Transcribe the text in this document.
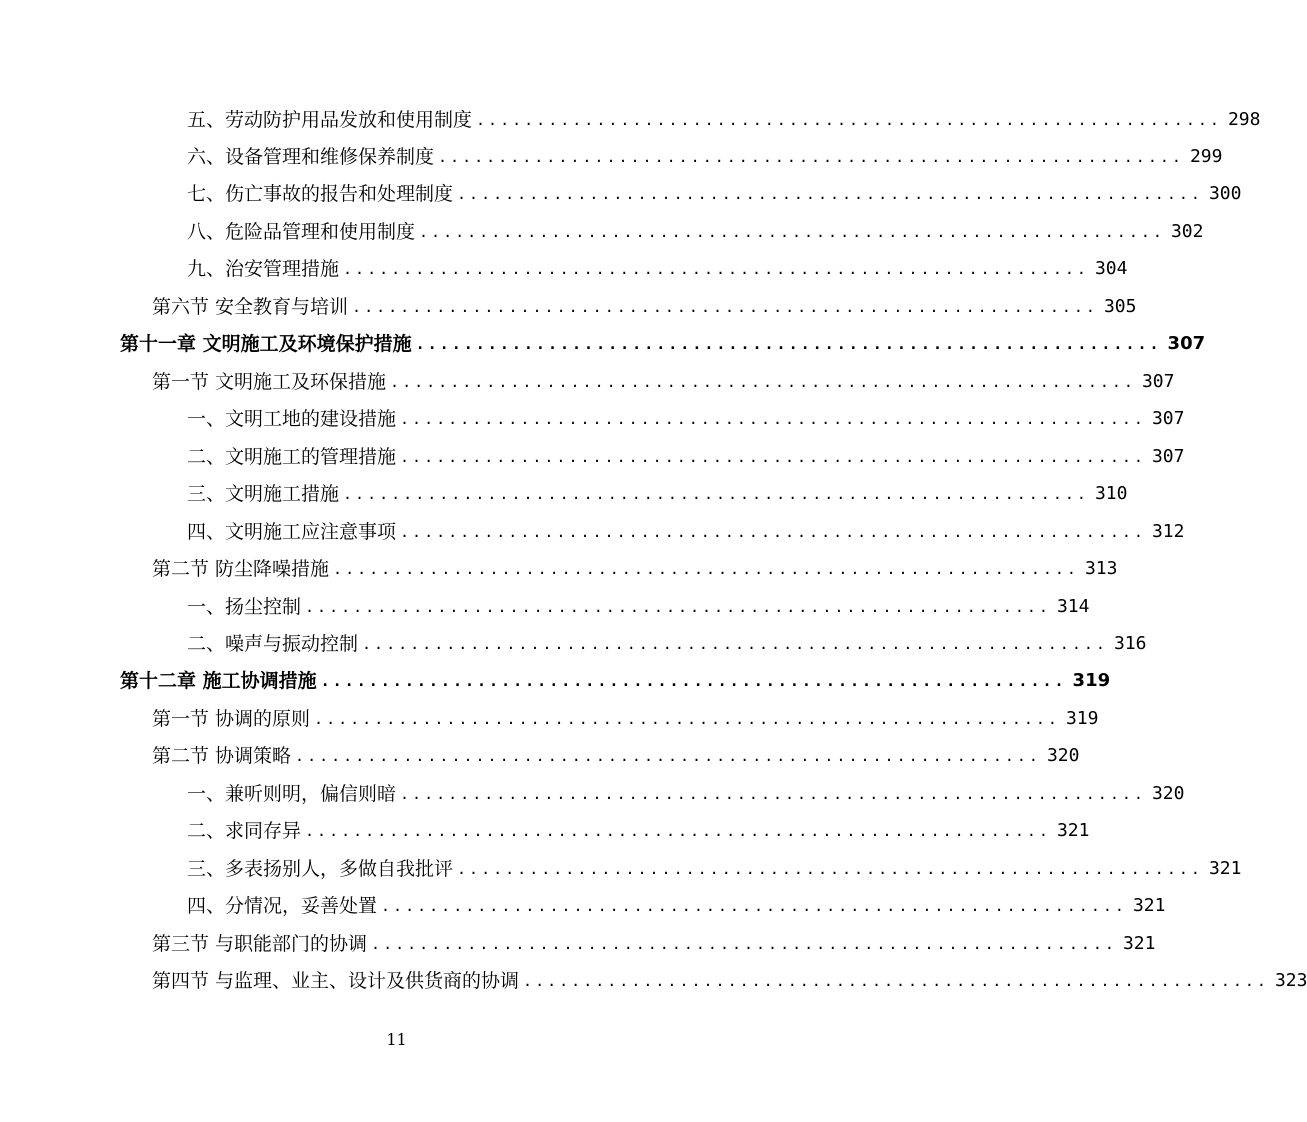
五、劳动防护用品发放和使用制度 .............................................................. 298
六、设备管理和维修保养制度 .............................................................. 299
七、伤亡事故的报告和处理制度 .............................................................. 300
八、危险品管理和使用制度 .............................................................. 302
九、治安管理措施 .............................................................. 304
第六节 安全教育与培训 .............................................................. 305
第十一章 文明施工及环境保护措施 .............................................................. 307
第一节 文明施工及环保措施 .............................................................. 307
一、文明工地的建设措施 .............................................................. 307
二、文明施工的管理措施 .............................................................. 307
三、文明施工措施 .............................................................. 310
四、文明施工应注意事项 .............................................................. 312
第二节 防尘降噪措施 .............................................................. 313
一、扬尘控制 .............................................................. 314
二、噪声与振动控制 .............................................................. 316
第十二章 施工协调措施 .............................................................. 319
第一节 协调的原则 .............................................................. 319
第二节 协调策略 .............................................................. 320
一、兼听则明，偏信则暗 .............................................................. 320
二、求同存异 .............................................................. 321
三、多表扬别人，多做自我批评 .............................................................. 321
四、分情况，妥善处置 .............................................................. 321
第三节 与职能部门的协调 .............................................................. 321
第四节 与监理、业主、设计及供货商的协调 .............................................................. 323
11
